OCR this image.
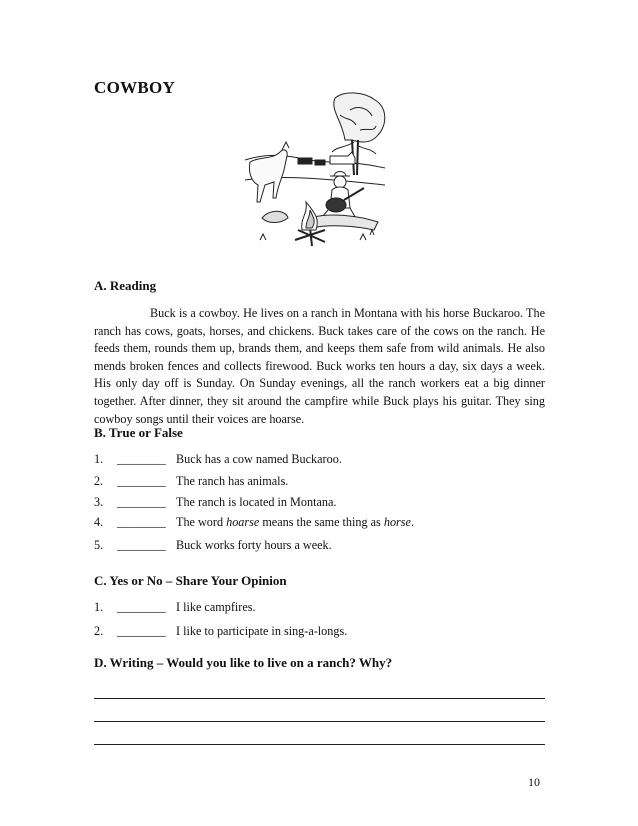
COWBOY
A. Reading

Buck is a cowboy. He lives on a ranch in Montana with his horse Buckaroo. The ranch has cows, goats, horses, and chickens. Buck takes care of the cows on the ranch. He feeds them, rounds them up, brands them, and keeps them safe from wild animals. He also mends broken fences and collects firewood. Buck works ten hours a day, six days a week. His only day off is Sunday. On Sunday evenings, all the ranch workers eat a big dinner together. After dinner, they sit around the campfire while Buck plays his guitar. They sing cowboy songs until their voices are hoarse.

B. True or False
1.	________ Buck has a cow named Buckaroo.
2.	________ The ranch has animals.
3.	________ The ranch is located in Montana.
4.	________ The word hoarse means the same thing as horse.
5.	________ Buck works forty hours a week.
C. Yes or No – Share Your Opinion
1.	________ I like campfires.
2.	________ I like to participate in sing-a-longs.
D. Writing – Would you like to live on a ranch? Why?
10
